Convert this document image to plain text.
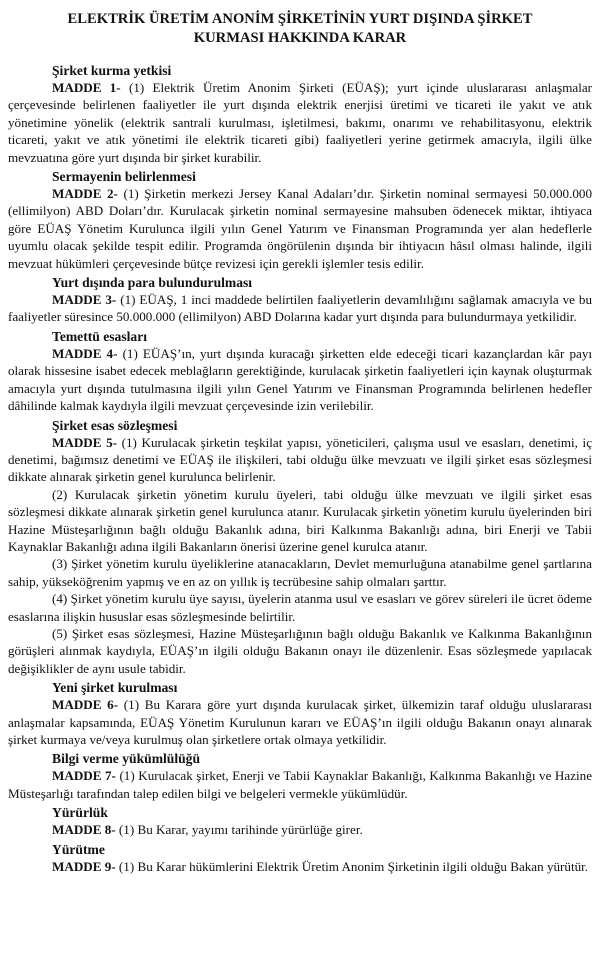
ELEKTRİK ÜRETİM ANONİM ŞİRKETİNİN YURT DIŞINDA ŞİRKET KURMASI HAKKINDA KARAR
Şirket kurma yetkisi

MADDE 1- (1) Elektrik Üretim Anonim Şirketi (EÜAŞ); yurt içinde uluslararası anlaşmalar çerçevesinde belirlenen faaliyetler ile yurt dışında elektrik enerjisi üretimi ve ticareti ile yakıt ve atık yönetimine yönelik (elektrik santrali kurulması, işletilmesi, bakımı, onarımı ve rehabilitasyonu, elektrik ticareti, yakıt ve atık yönetimi ile elektrik ticareti gibi) faaliyetleri yerine getirmek amacıyla, ilgili ülke mevzuatına göre yurt dışında bir şirket kurabilir.

Sermayenin belirlenmesi

MADDE 2- (1) Şirketin merkezi Jersey Kanal Adaları’dır. Şirketin nominal sermayesi 50.000.000 (ellimilyon) ABD Doları’dır. Kurulacak şirketin nominal sermayesine mahsuben ödenecek miktar, ihtiyaca göre EÜAŞ Yönetim Kurulunca ilgili yılın Genel Yatırım ve Finansman Programında yer alan hedeflerle uyumlu olacak şekilde tespit edilir. Programda öngörülenin dışında bir ihtiyacın hâsıl olması halinde, ilgili mevzuat hükümleri çerçevesinde bütçe revizesi için gerekli işlemler tesis edilir.

Yurt dışında para bulundurulması

MADDE 3- (1) EÜAŞ, 1 inci maddede belirtilen faaliyetlerin devamlılığını sağlamak amacıyla ve bu faaliyetler süresince 50.000.000 (ellimilyon) ABD Dolarına kadar yurt dışında para bulundurmaya yetkilidir.

Temettü esasları

MADDE 4- (1) EÜAŞ’ın, yurt dışında kuracağı şirketten elde edeceği ticari kazançlardan kâr payı olarak hissesine isabet edecek meblağların gerektiğinde, kurulacak şirketin faaliyetleri için kaynak oluşturmak amacıyla yurt dışında tutulmasına ilgili yılın Genel Yatırım ve Finansman Programında belirlenen hedefler dâhilinde kalmak kaydıyla ilgili mevzuat çerçevesinde izin verilebilir.

Şirket esas sözleşmesi

MADDE 5- (1) Kurulacak şirketin teşkilat yapısı, yöneticileri, çalışma usul ve esasları, denetimi, iç denetimi, bağımsız denetimi ve EÜAŞ ile ilişkileri, tabi olduğu ülke mevzuatı ve ilgili şirket esas sözleşmesi dikkate alınarak şirketin genel kurulunca belirlenir.

(2) Kurulacak şirketin yönetim kurulu üyeleri, tabi olduğu ülke mevzuatı ve ilgili şirket esas sözleşmesi dikkate alınarak şirketin genel kurulunca atanır. Kurulacak şirketin yönetim kurulu üyelerinden biri Hazine Müsteşarlığının bağlı olduğu Bakanlık adına, biri Kalkınma Bakanlığı adına, biri Enerji ve Tabii Kaynaklar Bakanlığı adına ilgili Bakanların önerisi üzerine genel kurulca atanır.

(3) Şirket yönetim kurulu üyeliklerine atanacakların, Devlet memurluğuna atanabilme genel şartlarına sahip, yükseköğrenim yapmış ve en az on yıllık iş tecrübesine sahip olmaları şarttır.

(4) Şirket yönetim kurulu üye sayısı, üyelerin atanma usul ve esasları ve görev süreleri ile ücret ödeme esaslarına ilişkin hususlar esas sözleşmesinde belirtilir.

(5) Şirket esas sözleşmesi, Hazine Müsteşarlığının bağlı olduğu Bakanlık ve Kalkınma Bakanlığının görüşleri alınmak kaydıyla, EÜAŞ’ın ilgili olduğu Bakanın onayı ile düzenlenir. Esas sözleşmede yapılacak değişiklikler de aynı usule tabidir.

Yeni şirket kurulması

MADDE 6- (1) Bu Karara göre yurt dışında kurulacak şirket, ülkemizin taraf olduğu uluslararası anlaşmalar kapsamında, EÜAŞ Yönetim Kurulunun kararı ve EÜAŞ’ın ilgili olduğu Bakanın onayı alınarak şirket kurmaya ve/veya kurulmuş olan şirketlere ortak olmaya yetkilidir.

Bilgi verme yükümlülüğü

MADDE 7- (1) Kurulacak şirket, Enerji ve Tabii Kaynaklar Bakanlığı, Kalkınma Bakanlığı ve Hazine Müsteşarlığı tarafından talep edilen bilgi ve belgeleri vermekle yükümlüdür.

Yürürlük

MADDE 8- (1) Bu Karar, yayımı tarihinde yürürlüğe girer.

Yürütme

MADDE 9- (1) Bu Karar hükümlerini Elektrik Üretim Anonim Şirketinin ilgili olduğu Bakan yürütür.
